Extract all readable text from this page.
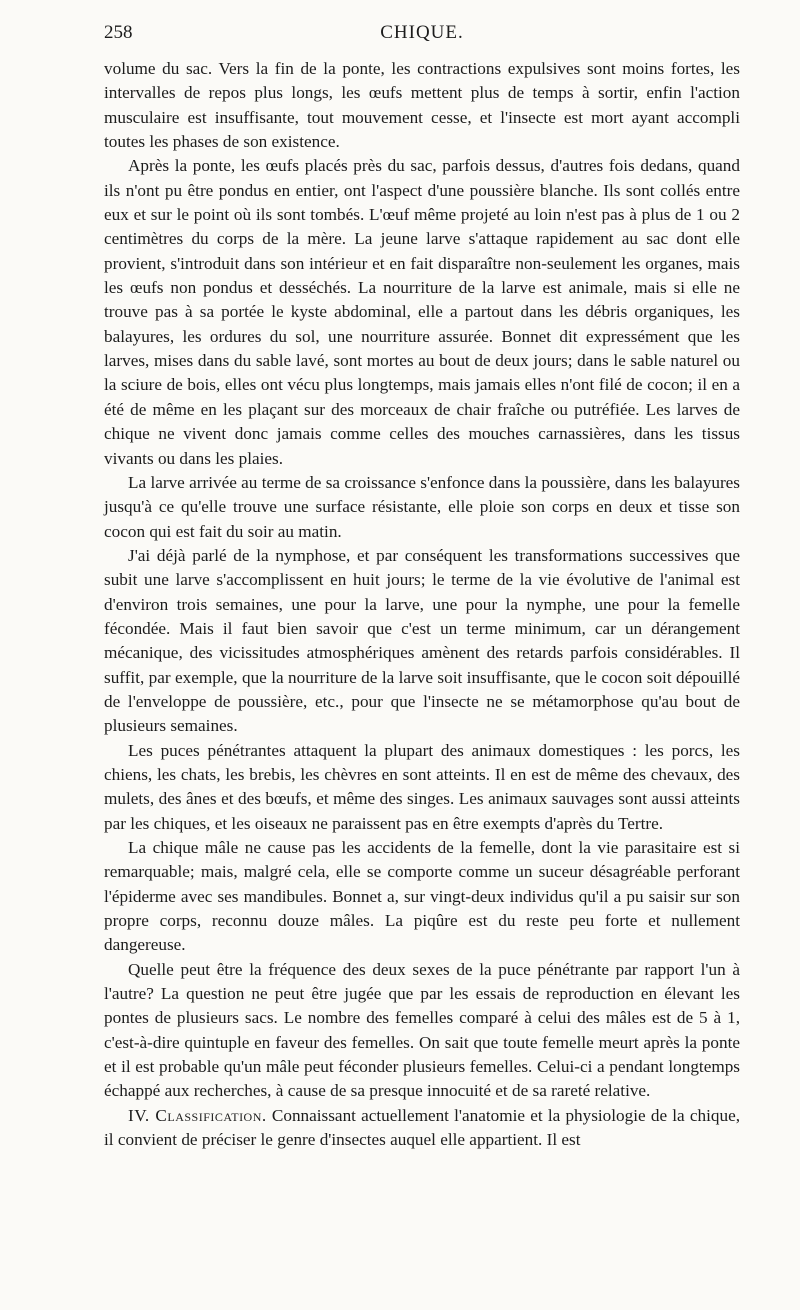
258	CHIQUE.

volume du sac. Vers la fin de la ponte, les contractions expulsives sont moins fortes, les intervalles de repos plus longs, les œufs mettent plus de temps à sortir, enfin l'action musculaire est insuffisante, tout mouvement cesse, et l'insecte est mort ayant accompli toutes les phases de son existence.

Après la ponte, les œufs placés près du sac, parfois dessus, d'autres fois dedans, quand ils n'ont pu être pondus en entier, ont l'aspect d'une poussière blanche. Ils sont collés entre eux et sur le point où ils sont tombés. L'œuf même projeté au loin n'est pas à plus de 1 ou 2 centimètres du corps de la mère. La jeune larve s'attaque rapidement au sac dont elle provient, s'introduit dans son intérieur et en fait disparaître non-seulement les organes, mais les œufs non pondus et desséchés. La nourriture de la larve est animale, mais si elle ne trouve pas à sa portée le kyste abdominal, elle a partout dans les débris organiques, les balayures, les ordures du sol, une nourriture assurée. Bonnet dit expressément que les larves, mises dans du sable lavé, sont mortes au bout de deux jours; dans le sable naturel ou la sciure de bois, elles ont vécu plus longtemps, mais jamais elles n'ont filé de cocon; il en a été de même en les plaçant sur des morceaux de chair fraîche ou putréfiée. Les larves de chique ne vivent donc jamais comme celles des mouches carnassières, dans les tissus vivants ou dans les plaies.

La larve arrivée au terme de sa croissance s'enfonce dans la poussière, dans les balayures jusqu'à ce qu'elle trouve une surface résistante, elle ploie son corps en deux et tisse son cocon qui est fait du soir au matin.

J'ai déjà parlé de la nymphose, et par conséquent les transformations successives que subit une larve s'accomplissent en huit jours; le terme de la vie évolutive de l'animal est d'environ trois semaines, une pour la larve, une pour la nymphe, une pour la femelle fécondée. Mais il faut bien savoir que c'est un terme minimum, car un dérangement mécanique, des vicissitudes atmosphériques amènent des retards parfois considérables. Il suffit, par exemple, que la nourriture de la larve soit insuffisante, que le cocon soit dépouillé de l'enveloppe de poussière, etc., pour que l'insecte ne se métamorphose qu'au bout de plusieurs semaines.

Les puces pénétrantes attaquent la plupart des animaux domestiques : les porcs, les chiens, les chats, les brebis, les chèvres en sont atteints. Il en est de même des chevaux, des mulets, des ânes et des bœufs, et même des singes. Les animaux sauvages sont aussi atteints par les chiques, et les oiseaux ne paraissent pas en être exempts d'après du Tertre.

La chique mâle ne cause pas les accidents de la femelle, dont la vie parasitaire est si remarquable; mais, malgré cela, elle se comporte comme un suceur désagréable perforant l'épiderme avec ses mandibules. Bonnet a, sur vingt-deux individus qu'il a pu saisir sur son propre corps, reconnu douze mâles. La piqûre est du reste peu forte et nullement dangereuse.

Quelle peut être la fréquence des deux sexes de la puce pénétrante par rapport l'un à l'autre? La question ne peut être jugée que par les essais de reproduction en élevant les pontes de plusieurs sacs. Le nombre des femelles comparé à celui des mâles est de 5 à 1, c'est-à-dire quintuple en faveur des femelles. On sait que toute femelle meurt après la ponte et il est probable qu'un mâle peut féconder plusieurs femelles. Celui-ci a pendant longtemps échappé aux recherches, à cause de sa presque innocuité et de sa rareté relative.

IV. Classification. Connaissant actuellement l'anatomie et la physiologie de la chique, il convient de préciser le genre d'insectes auquel elle appartient. Il est
